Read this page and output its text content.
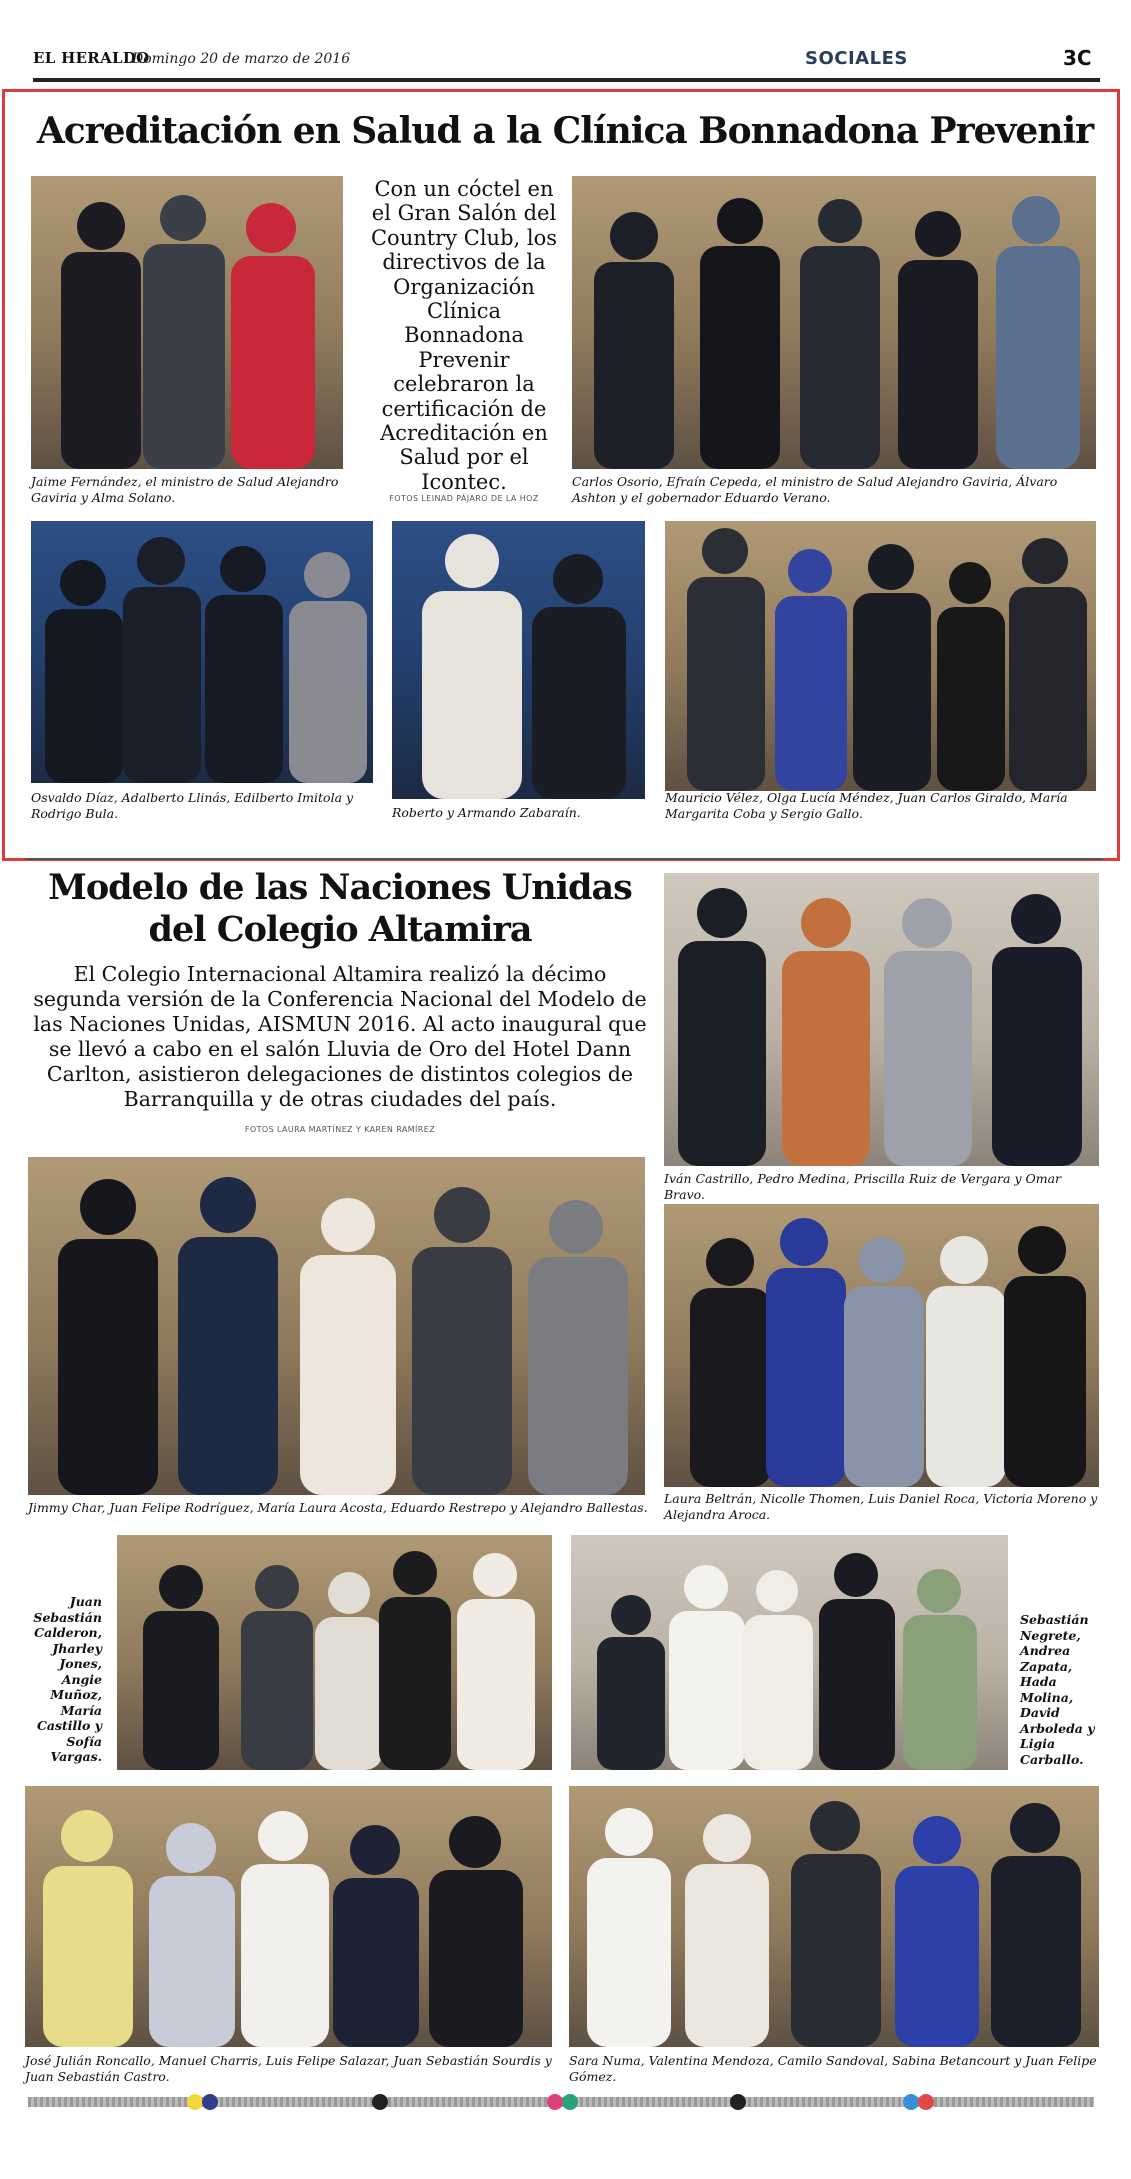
EL HERALDO
Domingo 20 de marzo de 2016	SOCIALES	3C
Acreditación en Salud a la Clínica Bonnadona Prevenir
Jaime Fernández, el ministro de Salud Alejandro Gaviria y Alma Solano.
Con un cóctel en el Gran Salón del Country Club, los directivos de la Organización Clínica Bonnadona Prevenir celebraron la certificación de Acreditación en Salud por el Icontec.
FOTOS LEINAD PÁJARO DE LA HOZ
Carlos Osorio, Efraín Cepeda, el ministro de Salud Alejandro Gaviria, Álvaro Ashton y el gobernador Eduardo Verano.
Osvaldo Díaz, Adalberto Llinás, Edilberto Imitola y Rodrigo Bula.	Roberto y Armando Zabaraín.
Mauricio Vélez, Olga Lucía Méndez, Juan Carlos Giraldo, María Margarita Coba y Sergio Gallo.
Modelo de las Naciones Unidas del Colegio Altamira
El Colegio Internacional Altamira realizó la décimo segunda versión de la Conferencia Nacional del Modelo de las Naciones Unidas, AISMUN 2016. Al acto inaugural que se llevó a cabo en el salón Lluvia de Oro del Hotel Dann Carlton, asistieron delegaciones de distintos colegios de Barranquilla y de otras ciudades del país.
FOTOS LAURA MARTÍNEZ Y KAREN RAMÍREZ
Iván Castrillo, Pedro Medina, Priscilla Ruiz de Vergara y Omar Bravo.
Jimmy Char, Juan Felipe Rodríguez, María Laura Acosta, Eduardo Restrepo y Alejandro Ballestas.
Laura Beltrán, Nicolle Thomen, Luis Daniel Roca, Victoria Moreno y Alejandra Aroca.
Juan Sebastián Calderon, Jharley Jones, Angie Muñoz, María Castillo y Sofía Vargas.
Sebastián Negrete, Andrea Zapata, Hada Molina, David Arboleda y Ligia Carballo.
José Julián Roncallo, Manuel Charris, Luis Felipe Salazar, Juan Sebastián Sourdis y Juan Sebastián Castro.
Sara Numa, Valentina Mendoza, Camilo Sandoval, Sabina Betancourt y Juan Felipe Gómez.
